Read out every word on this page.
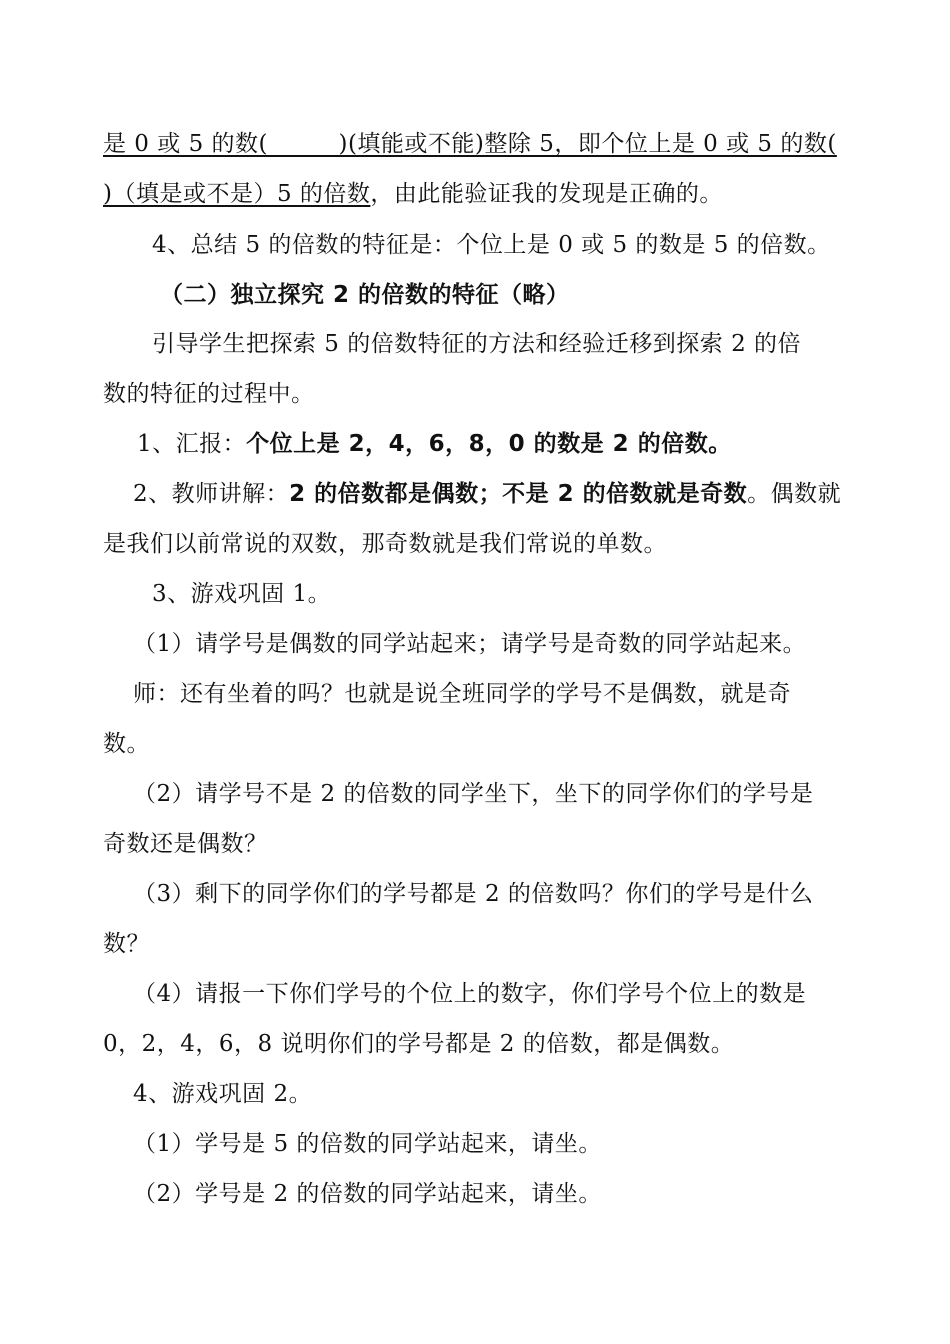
是 0 或 5 的数(　　　)(填能或不能)整除 5，即个位上是 0 或 5 的数(
)（填是或不是）5 的倍数，由此能验证我的发现是正确的。
4、总结 5 的倍数的特征是：个位上是 0 或 5 的数是 5 的倍数。
（二）独立探究 2 的倍数的特征（略）
引导学生把探索 5 的倍数特征的方法和经验迁移到探索 2 的倍
数的特征的过程中。
1、汇报：个位上是 2，4，6，8，0 的数是 2 的倍数。
2、教师讲解：2 的倍数都是偶数；不是 2 的倍数就是奇数。偶数就
是我们以前常说的双数，那奇数就是我们常说的单数。
3、游戏巩固 1。
（1）请学号是偶数的同学站起来；请学号是奇数的同学站起来。
师：还有坐着的吗？也就是说全班同学的学号不是偶数，就是奇
数。
（2）请学号不是 2 的倍数的同学坐下，坐下的同学你们的学号是
奇数还是偶数？
（3）剩下的同学你们的学号都是 2 的倍数吗？你们的学号是什么
数？
（4）请报一下你们学号的个位上的数字，你们学号个位上的数是
0，2，4，6，8 说明你们的学号都是 2 的倍数，都是偶数。
4、游戏巩固 2。
（1）学号是 5 的倍数的同学站起来，请坐。
（2）学号是 2 的倍数的同学站起来，请坐。
